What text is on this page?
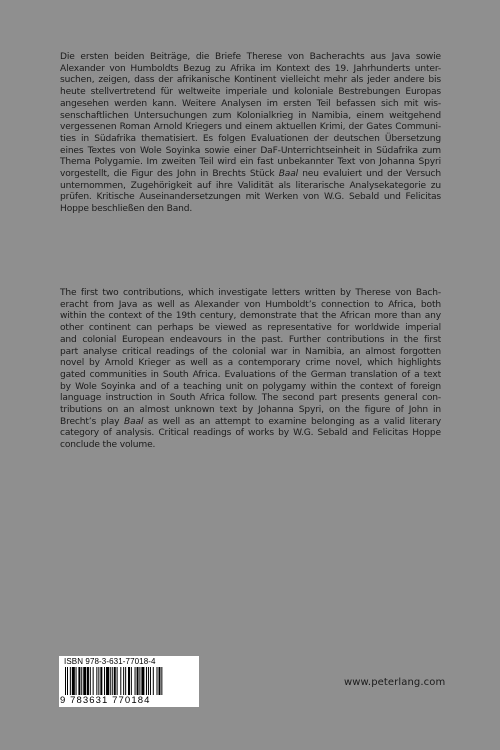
Die ersten beiden Beiträge, die Briefe Therese von Bacherachts aus Java sowie
Alexander von Humboldts Bezug zu Afrika im Kontext des 19. Jahrhunderts unter-
suchen, zeigen, dass der afrikanische Kontinent vielleicht mehr als jeder andere bis
heute stellvertretend für weltweite imperiale und koloniale Bestrebungen Europas
angesehen werden kann. Weitere Analysen im ersten Teil befassen sich mit wis-
senschaftlichen Untersuchungen zum Kolonialkrieg in Namibia, einem weitgehend
vergessenen Roman Arnold Kriegers und einem aktuellen Krimi, der Gates Communi-
ties in Südafrika thematisiert. Es folgen Evaluationen der deutschen Übersetzung
eines Textes von Wole Soyinka sowie einer DaF-Unterrichtseinheit in Südafrika zum
Thema Polygamie. Im zweiten Teil wird ein fast unbekannter Text von Johanna Spyri
vorgestellt, die Figur des John in Brechts Stück Baal neu evaluiert und der Versuch
unternommen, Zugehörigkeit auf ihre Validität als literarische Analysekategorie zu
prüfen. Kritische Auseinandersetzungen mit Werken von W.G. Sebald und Felicitas
Hoppe beschließen den Band.
The first two contributions, which investigate letters written by Therese von Bach-
eracht from Java as well as Alexander von Humboldt’s connection to Africa, both
within the context of the 19th century, demonstrate that the African more than any
other continent can perhaps be viewed as representative for worldwide imperial
and colonial European endeavours in the past. Further contributions in the first
part analyse critical readings of the colonial war in Namibia, an almost forgotten
novel by Arnold Krieger as well as a contemporary crime novel, which highlights
gated communities in South Africa. Evaluations of the German translation of a text
by Wole Soyinka and of a teaching unit on polygamy within the context of foreign
language instruction in South Africa follow. The second part presents general con-
tributions on an almost unknown text by Johanna Spyri, on the figure of John in
Brecht’s play Baal as well as an attempt to examine belonging as a valid literary
category of analysis. Critical readings of works by W.G. Sebald and Felicitas Hoppe
conclude the volume.
ISBN 978-3-631-77018-4
9 783631 770184
www.peterlang.com
